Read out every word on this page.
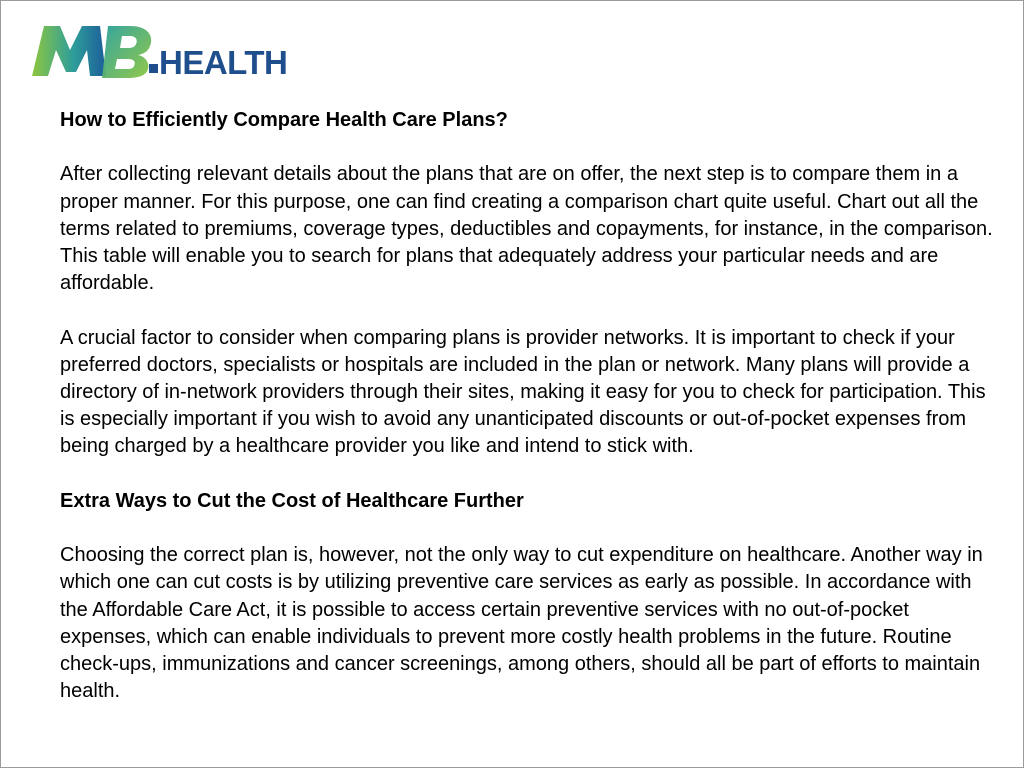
HEALTH

How to Efficiently Compare Health Care Plans?

After collecting relevant details about the plans that are on offer, the next step is to compare them in a proper manner. For this purpose, one can find creating a comparison chart quite useful. Chart out all the terms related to premiums, coverage types, deductibles and copayments, for instance, in the comparison. This table will enable you to search for plans that adequately address your particular needs and are affordable.

A crucial factor to consider when comparing plans is provider networks. It is important to check if your preferred doctors, specialists or hospitals are included in the plan or network. Many plans will provide a directory of in-network providers through their sites, making it easy for you to check for participation. This is especially important if you wish to avoid any unanticipated discounts or out-of-pocket expenses from being charged by a healthcare provider you like and intend to stick with.

Extra Ways to Cut the Cost of Healthcare Further

Choosing the correct plan is, however, not the only way to cut expenditure on healthcare. Another way in which one can cut costs is by utilizing preventive care services as early as possible. In accordance with the Affordable Care Act, it is possible to access certain preventive services with no out-of-pocket expenses, which can enable individuals to prevent more costly health problems in the future. Routine check-ups, immunizations and cancer screenings, among others, should all be part of efforts to maintain health.
